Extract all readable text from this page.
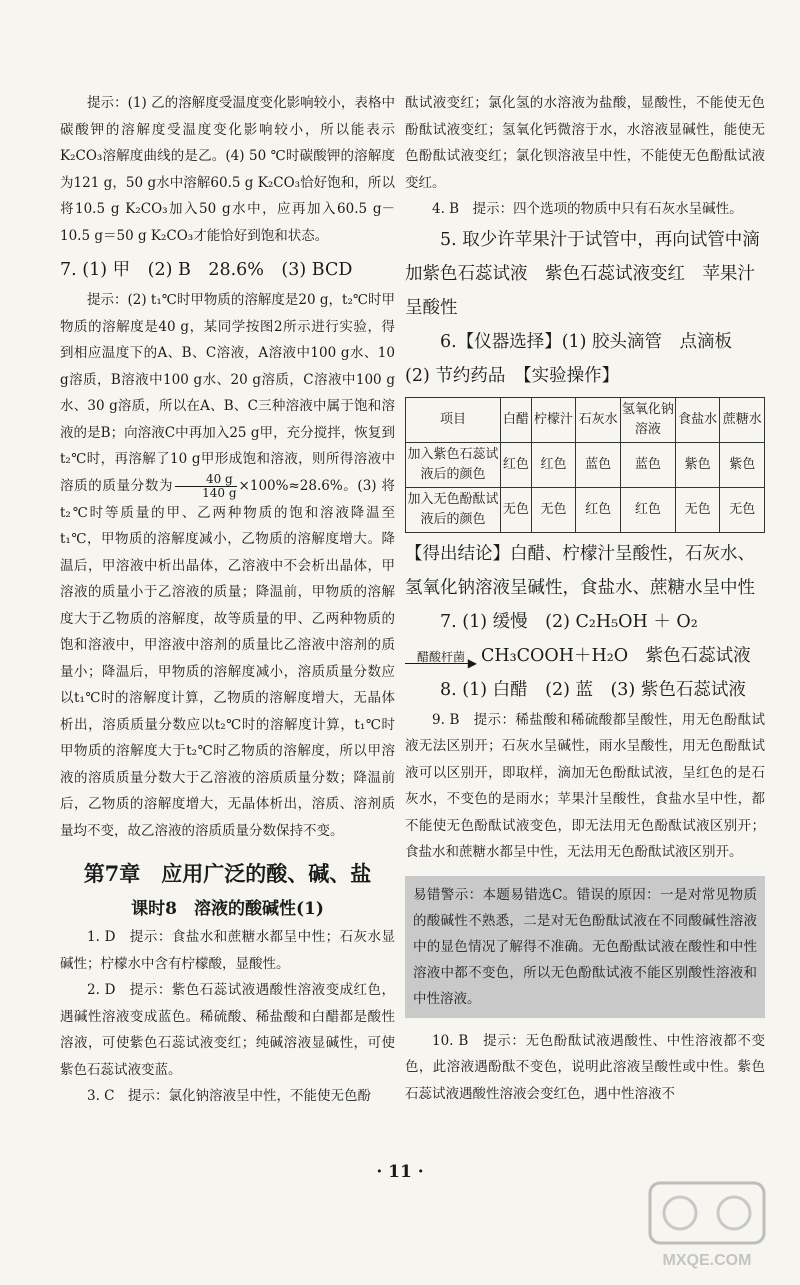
提示：(1) 乙的溶解度受温度变化影响较小，表格中碳酸钾的溶解度受温度变化影响较小，所以能表示K₂CO₃溶解度曲线的是乙。(4) 50 ℃时碳酸钾的溶解度为121 g，50 g水中溶解60.5 g K₂CO₃恰好饱和，所以将10.5 g K₂CO₃加入50 g水中，应再加入60.5 g－10.5 g＝50 g K₂CO₃才能恰好到饱和状态。

7. (1) 甲　(2) B　28.6%　(3) BCD

提示：(2) t₁℃时甲物质的溶解度是20 g，t₂℃时甲物质的溶解度是40 g，某同学按图2所示进行实验，得到相应温度下的A、B、C溶液，A溶液中100 g水、10 g溶质，B溶液中100 g水、20 g溶质，C溶液中100 g水、30 g溶质，所以在A、B、C三种溶液中属于饱和溶液的是B；向溶液C中再加入25 g甲，充分搅拌，恢复到t₂℃时，再溶解了10 g甲形成饱和溶液，则所得溶液中溶质的质量分数为 $\frac{40 g}{140 g} \times 100\%\approx 28.6\%$。(3) 将t₂℃时等质量的甲、乙两种物质的饱和溶液降温至t₁℃，甲物质的溶解度减小，乙物质的溶解度增大。降温后，甲溶液中析出晶体，乙溶液中不会析出晶体，甲溶液的质量小于乙溶液的质量；降温前，甲物质的溶解度大于乙物质的溶解度，故等质量的甲、乙两种物质的饱和溶液中，甲溶液中溶剂的质量比乙溶液中溶剂的质量小；降温后，甲物质的溶解度减小，溶质质量分数应以t₁℃时的溶解度计算，乙物质的溶解度增大，无晶体析出，溶质质量分数应以t₂℃时的溶解度计算，t₁℃时甲物质的溶解度大于t₂℃时乙物质的溶解度，所以甲溶液的溶质质量分数大于乙溶液的溶质质量分数；降温前后，乙物质的溶解度增大，无晶体析出，溶质、溶剂质量均不变，故乙溶液的溶质质量分数保持不变。

第7章　应用广泛的酸、碱、盐

课时8　溶液的酸碱性(1)

1. D　提示：食盐水和蔗糖水都呈中性；石灰水显碱性；柠檬水中含有柠檬酸，显酸性。

2. D　提示：紫色石蕊试液遇酸性溶液变成红色，遇碱性溶液变成蓝色。稀硫酸、稀盐酸和白醋都是酸性溶液，可使紫色石蕊试液变红；纯碱溶液显碱性，可使紫色石蕊试液变蓝。

3. C　提示：氯化钠溶液呈中性，不能使无色酚

酞试液变红；氯化氢的水溶液为盐酸，显酸性，不能使无色酚酞试液变红；氢氧化钙微溶于水，水溶液显碱性，能使无色酚酞试液变红；氯化钡溶液呈中性，不能使无色酚酞试液变红。

4. B　提示：四个选项的物质中只有石灰水呈碱性。

5. 取少许苹果汁于试管中，再向试管中滴加紫色石蕊试液　紫色石蕊试液变红　苹果汁呈酸性

6.【仪器选择】(1) 胶头滴管　点滴板　(2) 节约药品　【实验操作】

项目	白醋	柠檬汁	石灰水	氢氧化钠溶液	食盐水	蔗糖水
加入紫色石蕊试液后的颜色	红色	红色	蓝色	蓝色	紫色	紫色
加入无色酚酞试液后的颜色	无色	无色	红色	红色	无色	无色

【得出结论】白醋、柠檬汁呈酸性，石灰水、氢氧化钠溶液呈碱性，食盐水、蔗糖水呈中性

7. (1) 缓慢　(2) C₂H₅OH ＋ O₂

醋酸杆菌 ▶ CH₃COOH＋H₂O　紫色石蕊试液

8. (1) 白醋　(2) 蓝　(3) 紫色石蕊试液

9. B　提示：稀盐酸和稀硫酸都呈酸性，用无色酚酞试液无法区别开；石灰水呈碱性，雨水呈酸性，用无色酚酞试液可以区别开，即取样，滴加无色酚酞试液，呈红色的是石灰水，不变色的是雨水；苹果汁呈酸性，食盐水呈中性，都不能使无色酚酞试液变色，即无法用无色酚酞试液区别开；食盐水和蔗糖水都呈中性，无法用无色酚酞试液区别开。

易错警示：本题易错选C。错误的原因：一是对常见物质的酸碱性不熟悉，二是对无色酚酞试液在不同酸碱性溶液中的显色情况了解得不准确。无色酚酞试液在酸性和中性溶液中都不变色，所以无色酚酞试液不能区别酸性溶液和中性溶液。

10. B　提示：无色酚酞试液遇酸性、中性溶液都不变色，此溶液遇酚酞不变色，说明此溶液呈酸性或中性。紫色石蕊试液遇酸性溶液会变红色，遇中性溶液不

· 11 ·
MXQE.COM
